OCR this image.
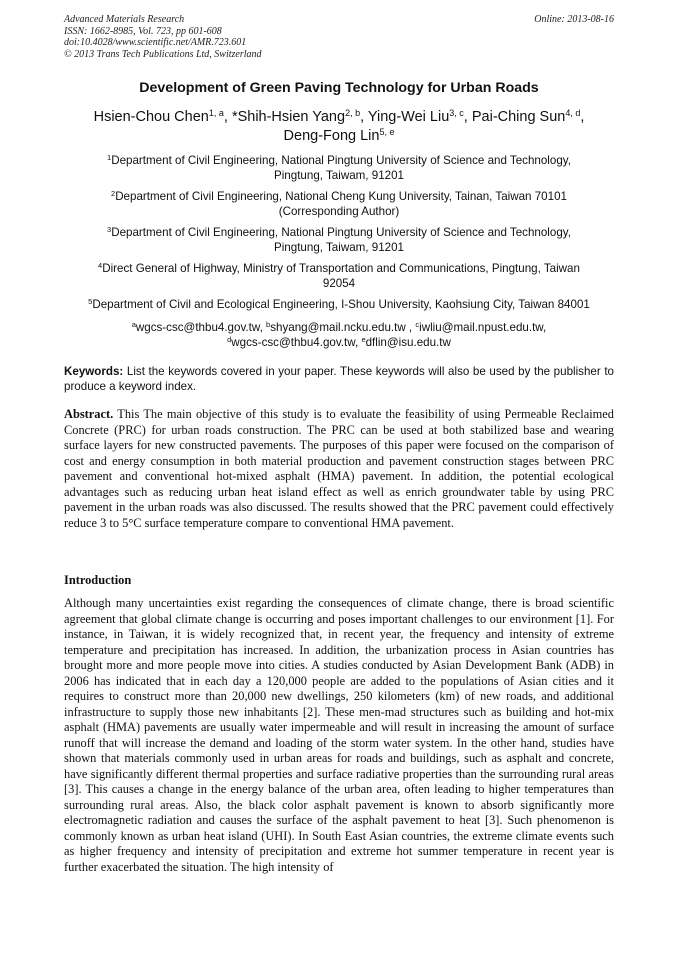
Advanced Materials Research
ISSN: 1662-8985, Vol. 723, pp 601-608
doi:10.4028/www.scientific.net/AMR.723.601
© 2013 Trans Tech Publications Ltd, Switzerland
Online: 2013-08-16
Development of Green Paving Technology for Urban Roads
Hsien-Chou Chen$^{1, a}$, *Shih-Hsien Yang$^{2, b}$, Ying-Wei Liu$^{3, c}$, Pai-Ching Sun$^{4, d}$,
Deng-Fong Lin$^{5, e}$
$^1$Department of Civil Engineering, National Pingtung University of Science and Technology,
Pingtung, Taiwam, 91201
$^2$Department of Civil Engineering, National Cheng Kung University, Tainan, Taiwan 70101
(Corresponding Author)
$^3$Department of Civil Engineering, National Pingtung University of Science and Technology,
Pingtung, Taiwam, 91201
$^4$Direct General of Highway, Ministry of Transportation and Communications, Pingtung, Taiwan
92054
$^5$Department of Civil and Ecological Engineering, I-Shou University, Kaohsiung City, Taiwan 84001
$^a$wgcs-csc@thbu4.gov.tw, $^b$shyang@mail.ncku.edu.tw , $^c$iwliu@mail.npust.edu.tw,
$^d$wgcs-csc@thbu4.gov.tw, $^e$dflin@isu.edu.tw
Keywords: List the keywords covered in your paper. These keywords will also be used by the publisher to produce a keyword index.
Abstract. This The main objective of this study is to evaluate the feasibility of using Permeable Reclaimed Concrete (PRC) for urban roads construction. The PRC can be used at both stabilized base and wearing surface layers for new constructed pavements. The purposes of this paper were focused on the comparison of cost and energy consumption in both material production and pavement construction stages between PRC pavement and conventional hot-mixed asphalt (HMA) pavement. In addition, the potential ecological advantages such as reducing urban heat island effect as well as enrich groundwater table by using PRC pavement in the urban roads was also discussed. The results showed that the PRC pavement could effectively reduce 3 to 5°C surface temperature compare to conventional HMA pavement.
Introduction
Although many uncertainties exist regarding the consequences of climate change, there is broad scientific agreement that global climate change is occurring and poses important challenges to our environment [1]. For instance, in Taiwan, it is widely recognized that, in recent year, the frequency and intensity of extreme temperature and precipitation has increased. In addition, the urbanization process in Asian countries has brought more and more people move into cities. A studies conducted by Asian Development Bank (ADB) in 2006 has indicated that in each day a 120,000 people are added to the populations of Asian cities and it requires to construct more than 20,000 new dwellings, 250 kilometers (km) of new roads, and additional infrastructure to supply those new inhabitants [2]. These men-mad structures such as building and hot-mix asphalt (HMA) pavements are usually water impermeable and will result in increasing the amount of surface runoff that will increase the demand and loading of the storm water system. In the other hand, studies have shown that materials commonly used in urban areas for roads and buildings, such as asphalt and concrete, have significantly different thermal properties and surface radiative properties than the surrounding rural areas [3]. This causes a change in the energy balance of the urban area, often leading to higher temperatures than surrounding rural areas. Also, the black color asphalt pavement is known to absorb significantly more electromagnetic radiation and causes the surface of the asphalt pavement to heat [3]. Such phenomenon is commonly known as urban heat island (UHI). In South East Asian countries, the extreme climate events such as higher frequency and intensity of precipitation and extreme hot summer temperature in recent year is further exacerbated the situation. The high intensity of
